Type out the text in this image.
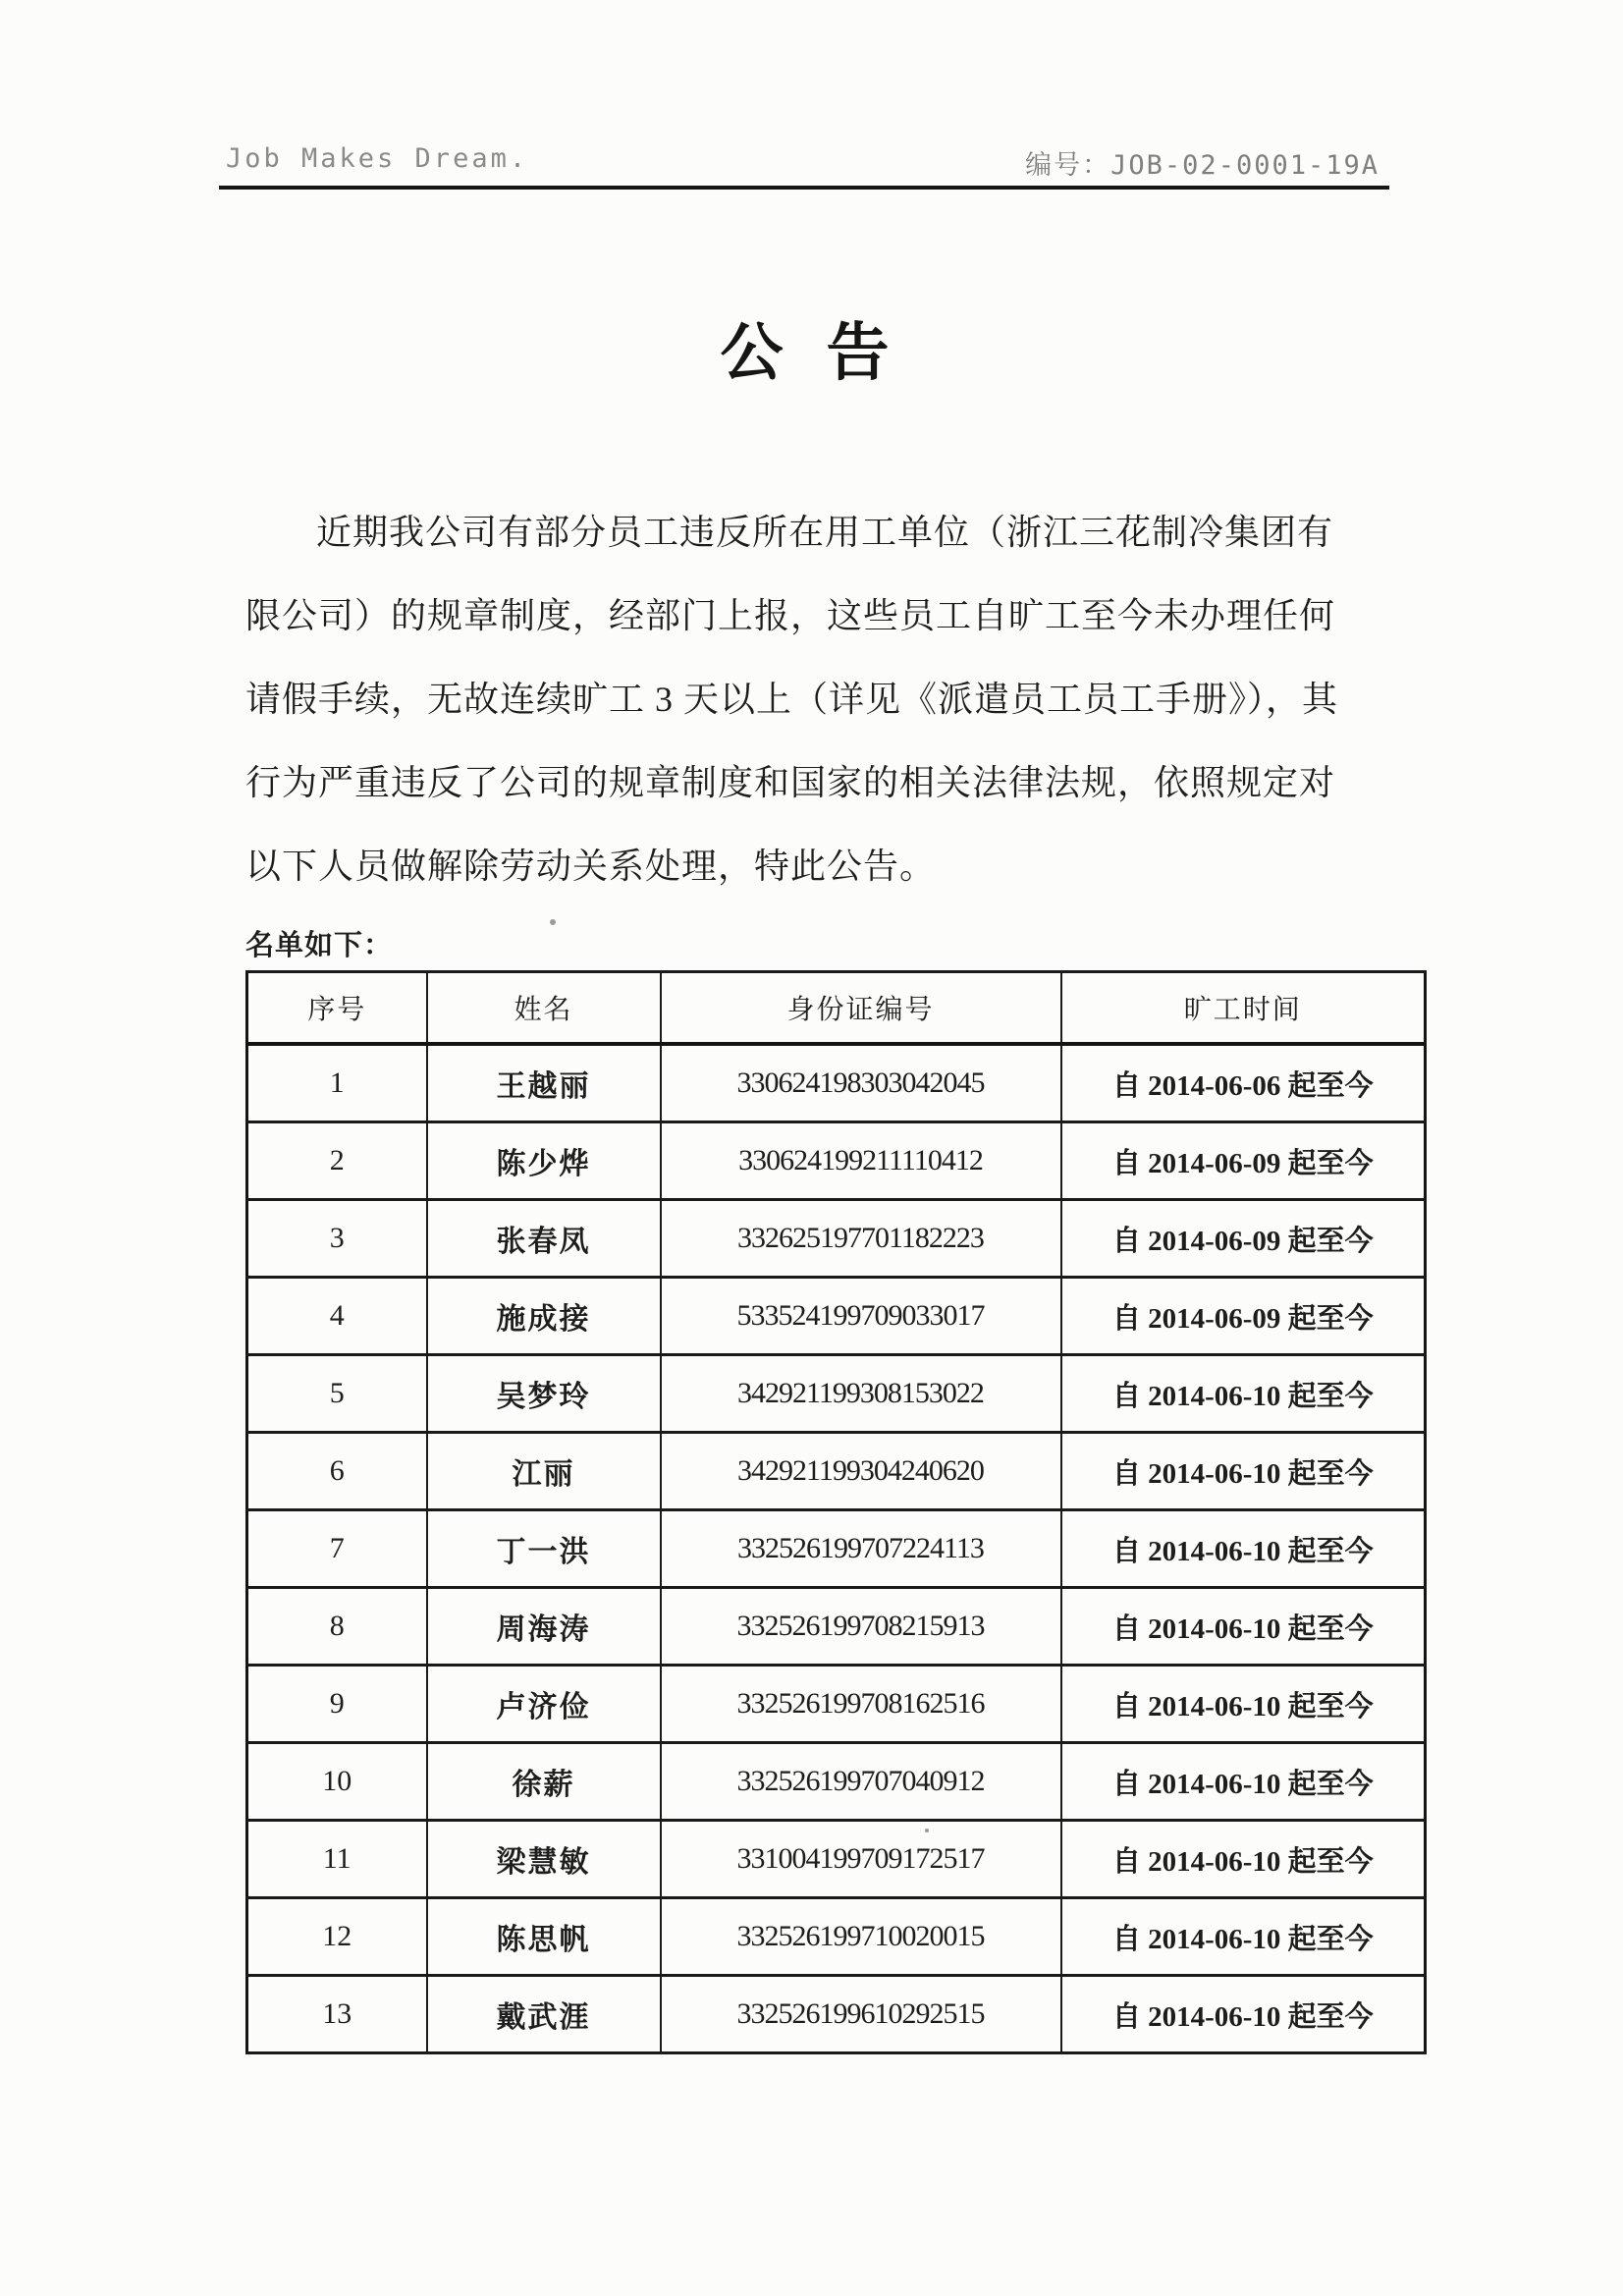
Job Makes Dream.	编号：JOB-02-0001-19A
公 告
近期我公司有部分员工违反所在用工单位（浙江三花制冷集团有
限公司）的规章制度，经部门上报，这些员工自旷工至今未办理任何
请假手续，无故连续旷工 3 天以上（详见《派遣员工员工手册》），其
行为严重违反了公司的规章制度和国家的相关法律法规，依照规定对
以下人员做解除劳动关系处理，特此公告。
名单如下：
序号	姓名	身份证编号	旷工时间
1	王越丽	330624198303042045	自 2014-06-06 起至今
2	陈少烨	330624199211110412	自 2014-06-09 起至今
3	张春凤	332625197701182223	自 2014-06-09 起至今
4	施成接	533524199709033017	自 2014-06-09 起至今
5	吴梦玲	342921199308153022	自 2014-06-10 起至今
6	江丽	342921199304240620	自 2014-06-10 起至今
7	丁一洪	332526199707224113	自 2014-06-10 起至今
8	周海涛	332526199708215913	自 2014-06-10 起至今
9	卢济俭	332526199708162516	自 2014-06-10 起至今
10	徐薪	332526199707040912	自 2014-06-10 起至今
11	梁慧敏	331004199709172517	自 2014-06-10 起至今
12	陈思帆	332526199710020015	自 2014-06-10 起至今
13	戴武涯	332526199610292515	自 2014-06-10 起至今
